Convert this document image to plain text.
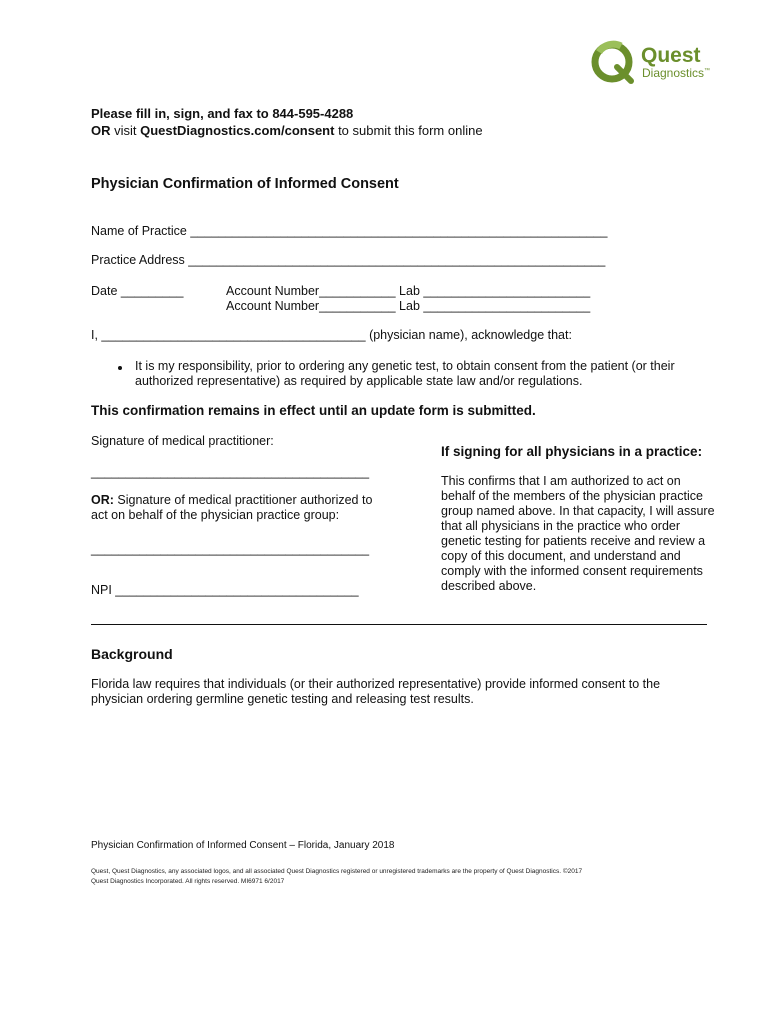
Quest
Diagnostics™
Please fill in, sign, and fax to 844-595-4288
OR visit QuestDiagnostics.com/consent to submit this form online
Physician Confirmation of Informed Consent
Name of Practice ____________________________________________________________
Practice Address ____________________________________________________________
Date _________	Account Number___________ Lab ________________________
Account Number___________ Lab ________________________
I, ______________________________________ (physician name), acknowledge that:
It is my responsibility, prior to ordering any genetic test, to obtain consent from the patient (or their authorized representative) as required by applicable state law and/or regulations.
This confirmation remains in effect until an update form is submitted.
Signature of medical practitioner:
________________________________________
OR: Signature of medical practitioner authorized to act on behalf of the physician practice group:
________________________________________
NPI ___________________________________
If signing for all physicians in a practice:
This confirms that I am authorized to act on behalf of the members of the physician practice group named above. In that capacity, I will assure that all physicians in the practice who order genetic testing for patients receive and review a copy of this document, and understand and comply with the informed consent requirements described above.
Background
Florida law requires that individuals (or their authorized representative) provide informed consent to the physician ordering germline genetic testing and releasing test results.
Physician Confirmation of Informed Consent – Florida, January 2018
Quest, Quest Diagnostics, any associated logos, and all associated Quest Diagnostics registered or unregistered trademarks are the property of Quest Diagnostics. ©2017 Quest Diagnostics Incorporated. All rights reserved. MI6971 6/2017
